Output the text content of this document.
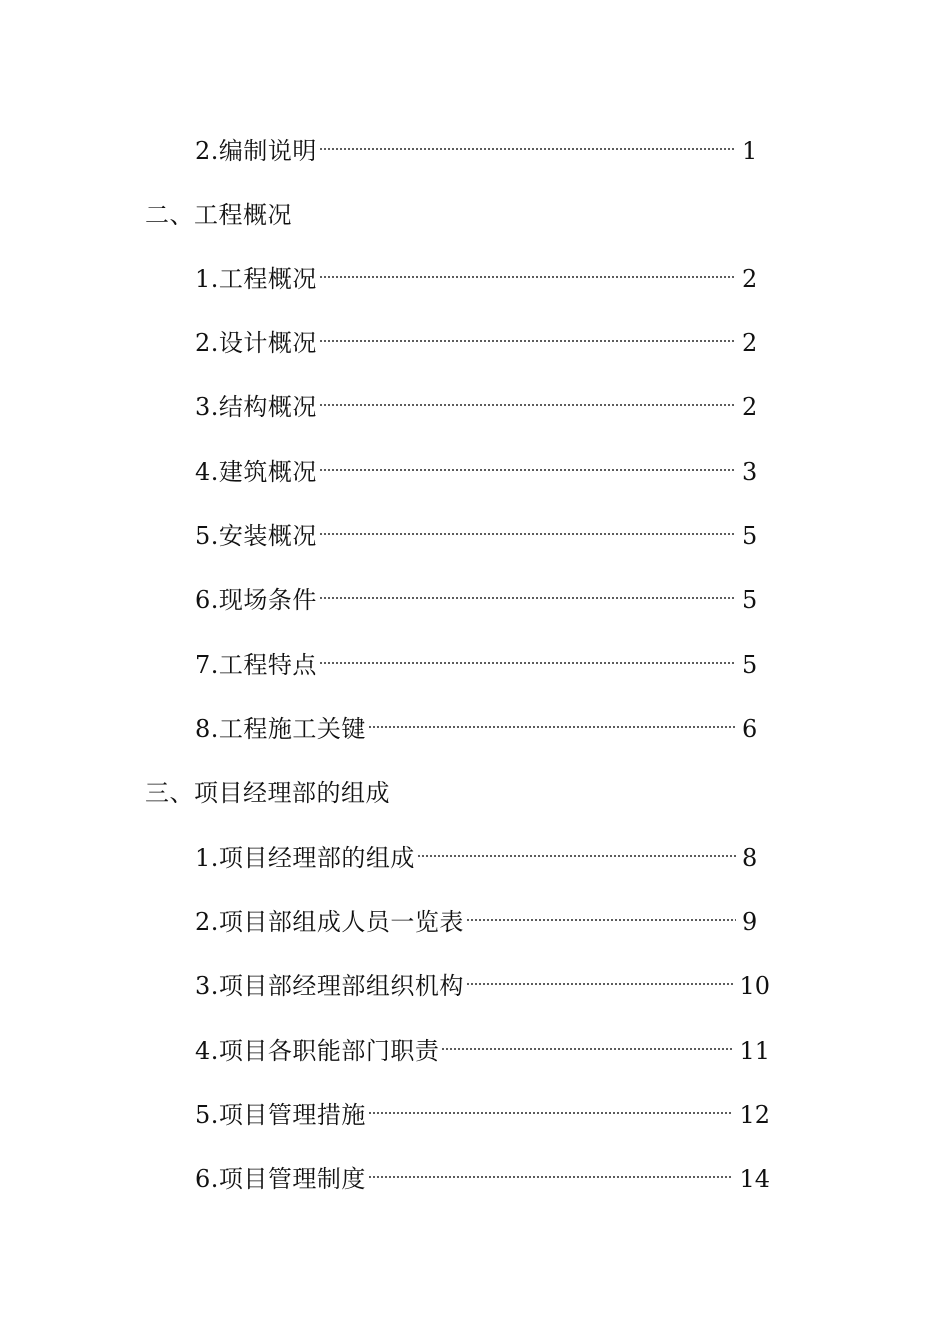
2.编制说明	1
二、工程概况
1.工程概况	2
2.设计概况	2
3.结构概况	2
4.建筑概况	3
5.安装概况	5
6.现场条件	5
7.工程特点	5
8.工程施工关键	6
三、项目经理部的组成
1.项目经理部的组成	8
2.项目部组成人员一览表	9
3.项目部经理部组织机构	10
4.项目各职能部门职责	11
5.项目管理措施	12
6.项目管理制度	14
